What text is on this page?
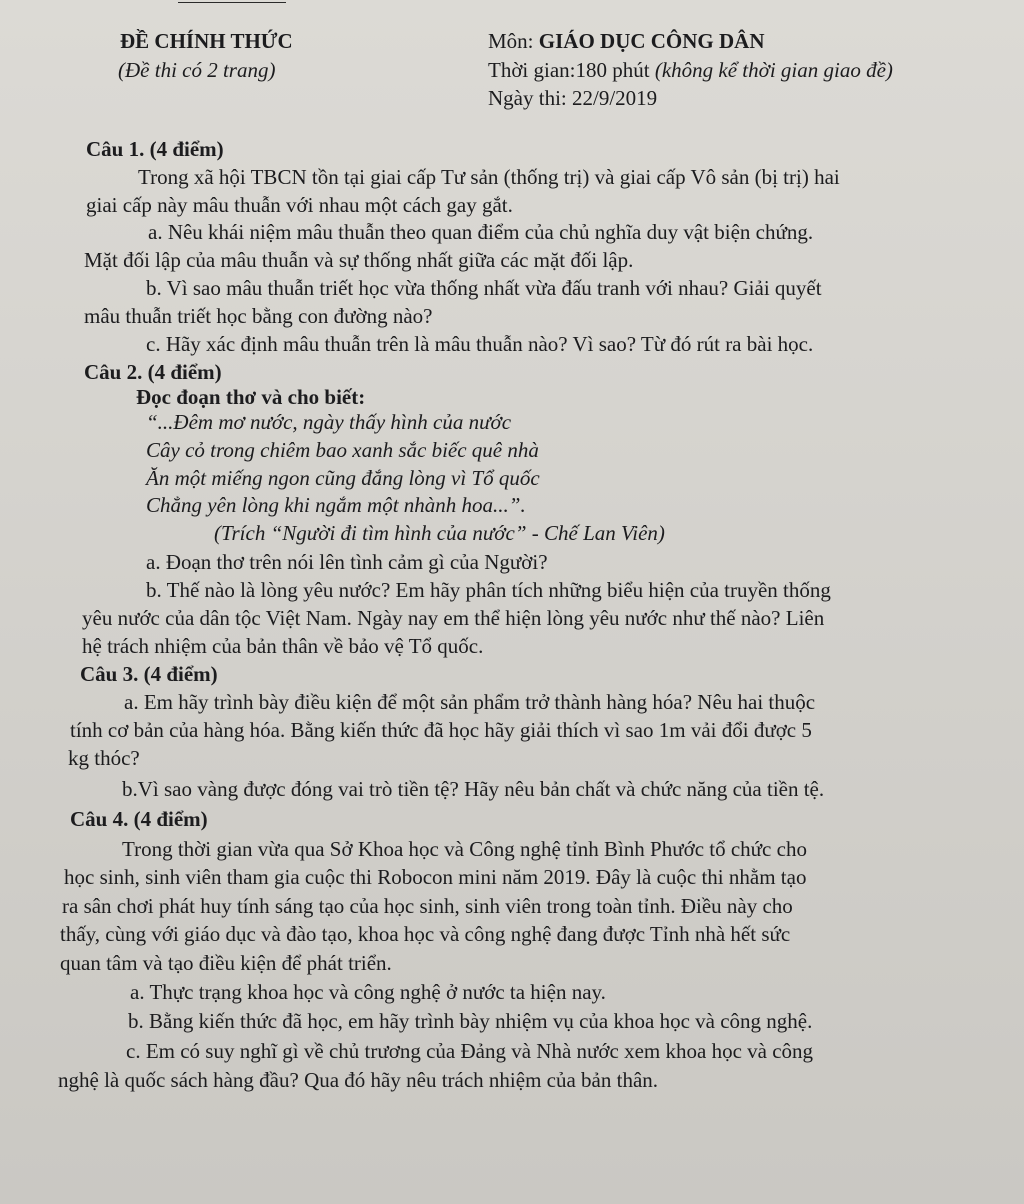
ĐỀ CHÍNH THỨC
(Đề thi có 2 trang)
Môn: GIÁO DỤC CÔNG DÂN
Thời gian:180 phút (không kể thời gian giao đề)
Ngày thi: 22/9/2019
Câu 1. (4 điểm)
Trong xã hội TBCN tồn tại giai cấp Tư sản (thống trị) và giai cấp Vô sản (bị trị) hai
giai cấp này mâu thuẫn với nhau một cách gay gắt.
a. Nêu khái niệm mâu thuẫn theo quan điểm của chủ nghĩa duy vật biện chứng.
Mặt đối lập của mâu thuẫn và sự thống nhất giữa các mặt đối lập.
b. Vì sao mâu thuẫn triết học vừa thống nhất vừa đấu tranh với nhau? Giải quyết
mâu thuẫn triết học bằng con đường nào?
c. Hãy xác định mâu thuẫn trên là mâu thuẫn nào? Vì sao? Từ đó rút ra bài học.
Câu 2. (4 điểm)
Đọc đoạn thơ và cho biết:
“...Đêm mơ nước, ngày thấy hình của nước
Cây cỏ trong chiêm bao xanh sắc biếc quê nhà
Ăn một miếng ngon cũng đắng lòng vì Tổ quốc
Chẳng yên lòng khi ngắm một nhành hoa...”.
(Trích “Người đi tìm hình của nước” - Chế Lan Viên)
a. Đoạn thơ trên nói lên tình cảm gì của Người?
b. Thế nào là lòng yêu nước? Em hãy phân tích những biểu hiện của truyền thống
yêu nước của dân tộc Việt Nam. Ngày nay em thể hiện lòng yêu nước như thế nào? Liên
hệ trách nhiệm của bản thân về bảo vệ Tổ quốc.
Câu 3. (4 điểm)
a. Em hãy trình bày điều kiện để một sản phẩm trở thành hàng hóa? Nêu hai thuộc
tính cơ bản của hàng hóa. Bằng kiến thức đã học hãy giải thích vì sao 1m vải đổi được 5
kg thóc?
b.Vì sao vàng được đóng vai trò tiền tệ? Hãy nêu bản chất và chức năng của tiền tệ.
Câu 4. (4 điểm)
Trong thời gian vừa qua Sở Khoa học và Công nghệ tỉnh Bình Phước tổ chức cho
học sinh, sinh viên tham gia cuộc thi Robocon mini năm 2019. Đây là cuộc thi nhằm tạo
ra sân chơi phát huy tính sáng tạo của học sinh, sinh viên trong toàn tỉnh. Điều này cho
thấy, cùng với giáo dục và đào tạo, khoa học và công nghệ đang được Tỉnh nhà hết sức
quan tâm và tạo điều kiện để phát triển.
a. Thực trạng khoa học và công nghệ ở nước ta hiện nay.
b. Bằng kiến thức đã học, em hãy trình bày nhiệm vụ của khoa học và công nghệ.
c. Em có suy nghĩ gì về chủ trương của Đảng và Nhà nước xem khoa học và công
nghệ là quốc sách hàng đầu? Qua đó hãy nêu trách nhiệm của bản thân.
